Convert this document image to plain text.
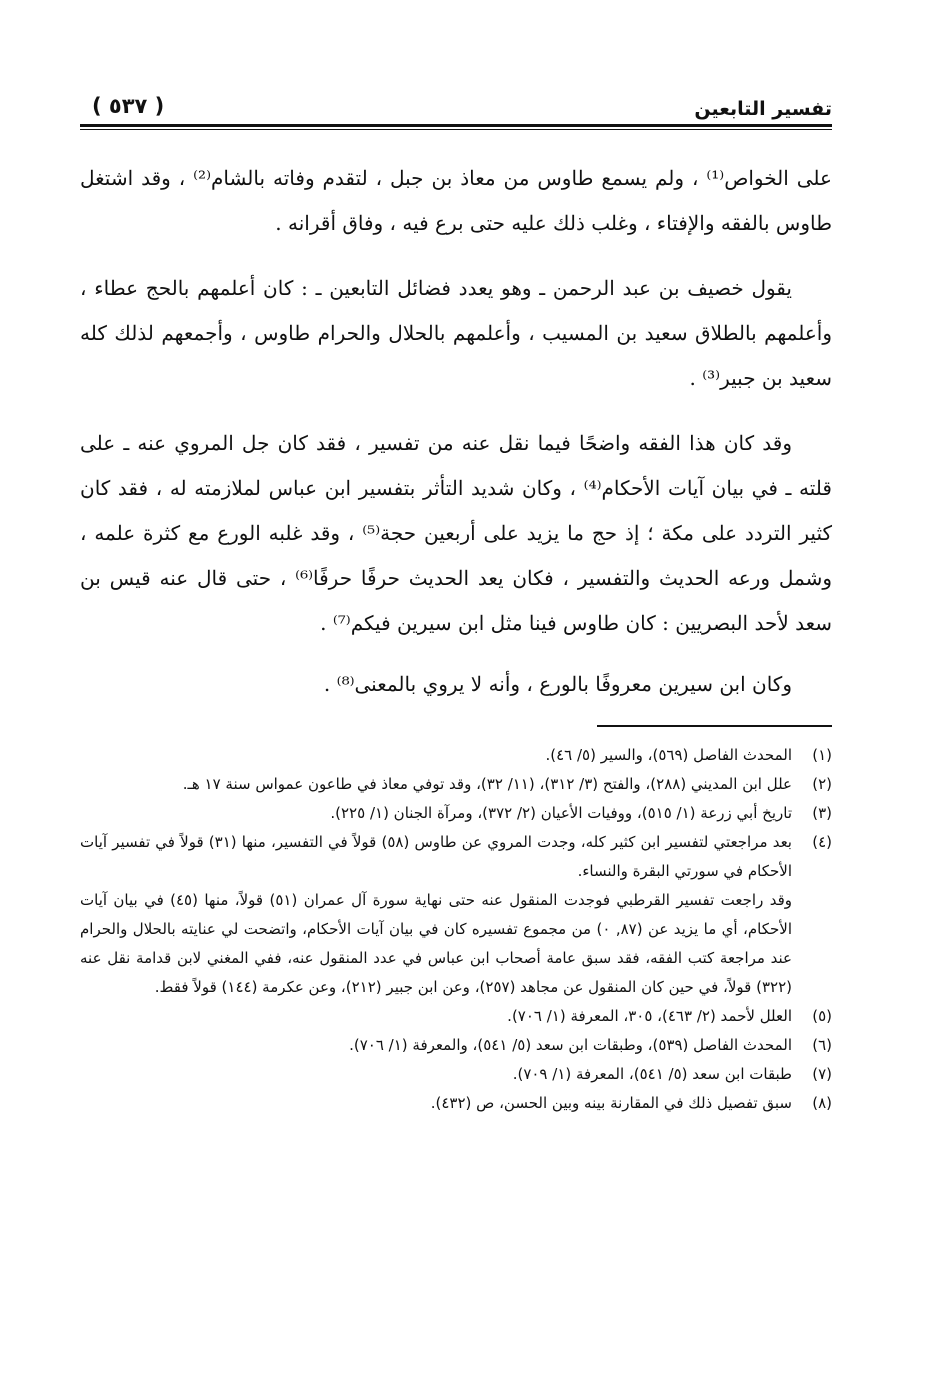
تفسير التابعين
( ٥٣٧ )

على الخواص⁽¹⁾ ، ولم يسمع طاوس من معاذ بن جبل ، لتقدم وفاته بالشام⁽²⁾ ، وقد اشتغل طاوس بالفقه والإفتاء ، وغلب ذلك عليه حتى برع فيه ، وفاق أقرانه .

يقول خصيف بن عبد الرحمن ـ وهو يعدد فضائل التابعين ـ : كان أعلمهم بالحج عطاء ، وأعلمهم بالطلاق سعيد بن المسيب ، وأعلمهم بالحلال والحرام طاوس ، وأجمعهم لذلك كله سعيد بن جبير⁽³⁾ .

وقد كان هذا الفقه واضحًا فيما نقل عنه من تفسير ، فقد كان جل المروي عنه ـ على قلته ـ في بيان آيات الأحكام⁽⁴⁾ ، وكان شديد التأثر بتفسير ابن عباس لملازمته له ، فقد كان كثير التردد على مكة ؛ إذ حج ما يزيد على أربعين حجة⁽⁵⁾ ، وقد غلبه الورع مع كثرة علمه ، وشمل ورعه الحديث والتفسير ، فكان يعد الحديث حرفًا حرفًا⁽⁶⁾ ، حتى قال عنه قيس بن سعد لأحد البصريين : كان طاوس فينا مثل ابن سيرين فيكم⁽⁷⁾ .

وكان ابن سيرين معروفًا بالورع ، وأنه لا يروي بالمعنى⁽⁸⁾ .

(١)
المحدث الفاصل (٥٦٩)، والسير (٥/ ٤٦).
(٢)
علل ابن المديني (٢٨٨)، والفتح (٣/ ٣١٢)، (١١/ ٣٢)، وقد توفي معاذ في طاعون عمواس سنة ١٧ هـ.
(٣)
تاريخ أبي زرعة (١/ ٥١٥)، ووفيات الأعيان (٢/ ٣٧٢)، ومرآة الجنان (١/ ٢٢٥).
(٤)
بعد مراجعتي لتفسير ابن كثير كله، وجدت المروي عن طاوس (٥٨) قولاً في التفسير، منها (٣١) قولاً في تفسير آيات الأحكام في سورتي البقرة والنساء.

وقد راجعت تفسير القرطبي فوجدت المنقول عنه حتى نهاية سورة آل عمران (٥١) قولاً، منها (٤٥) في بيان آيات الأحكام، أي ما يزيد عن (٨٧, ٠) من مجموع تفسيره كان في بيان آيات الأحكام، واتضحت لي عنايته بالحلال والحرام عند مراجعة كتب الفقه، فقد سبق عامة أصحاب ابن عباس في عدد المنقول عنه، ففي المغني لابن قدامة نقل عنه (٣٢٢) قولاً، في حين كان المنقول عن مجاهد (٢٥٧)، وعن ابن جبير (٢١٢)، وعن عكرمة (١٤٤) قولاً فقط.

(٥)
العلل لأحمد (٢/ ٤٦٣)، ٣٠٥، المعرفة (١/ ٧٠٦).
(٦)
المحدث الفاصل (٥٣٩)، وطبقات ابن سعد (٥/ ٥٤١)، والمعرفة (١/ ٧٠٦).
(٧)
طبقات ابن سعد (٥/ ٥٤١)، المعرفة (١/ ٧٠٩).
(٨)
سبق تفصيل ذلك في المقارنة بينه وبين الحسن، ص (٤٣٢).
